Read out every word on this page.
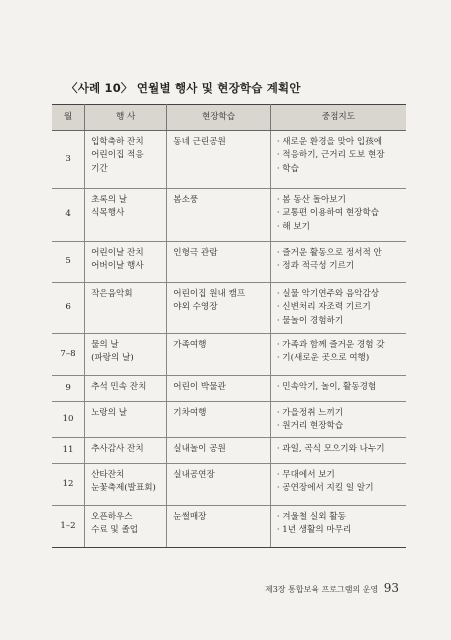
〈사례 10〉 연월별 행사 및 현장학습 계획안
월	행 사	현장학습	중점지도
3	입학축하 잔치
어린이집 적응
기간	동네 근린공원	· 새로운 환경을 맞아 입孩에
· 적응하기, 근거리 도보 현장
· 학습

4	초록의 날
식목행사	봄소풍	· 봄 동산 돌아보기
· 교통편 이용하여 현장학습
· 해 보기

5	어린이날 잔치
어버이날 행사	인형극 관람	· 즐거운 활동으로 정서적 안
· 정과 적극성 기르기

6	작은음악회	어린이집 원내 캠프
야외 수영장	· 실물 악기연주와 음악감상
· 신변처리 자조력 기르기
· 물놀이 경험하기

7–8	물의 날
(파랑의 날)	가족여행	· 가족과 함께 즐거운 경험 갖
· 기(새로운 곳으로 여행)

9	추석 민속 잔치	어린이 박물관	· 민속악기, 놀이, 활동경험

10	노랑의 날	기차여행	· 가을정취 느끼기
· 원거리 현장학습

11	추사감사 잔치	실내놀이 공원	· 과일, 곡식 모으기와 나누기

12	산타잔치
눈꽃축제(발표회)	실내공연장	· 무대에서 보기
· 공연장에서 지킬 일 알기

1–2	오픈하우스
수료 및 졸업	눈썰매장	· 겨울철 실외 활동
· 1년 생활의 마무리
제3장 통합보육 프로그램의 운영 93
